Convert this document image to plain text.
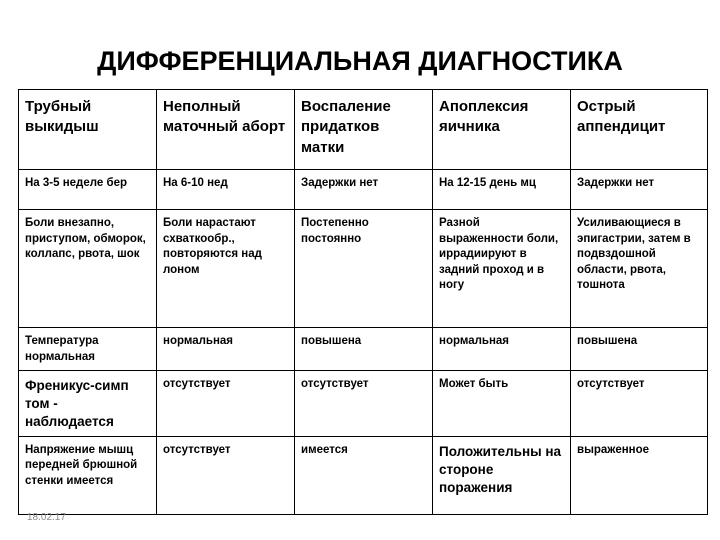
ДИФФЕРЕНЦИАЛЬНАЯ ДИАГНОСТИКА
Трубный выкидыш	Неполный маточный аборт	Воспаление придатков матки	Апоплексия яичника	Острый аппендицит
На 3-5 неделе бер	На 6-10 нед	Задержки нет	На 12-15 день мц	Задержки нет
Боли внезапно, приступом, обморок, коллапс, рвота, шок	Боли нарастают схваткообр., повторяются над лоном	Постепенно постоянно	Разной выраженности боли, иррадиируют в задний проход и в ногу	Усиливающиеся в эпигастрии, затем в подвздошной области, рвота, тошнота
Температура нормальная	нормальная	повышена	нормальная	повышена
Френикус-симп том - наблюдается	отсутствует	отсутствует	Может быть	отсутствует
Напряжение мышц передней брюшной стенки имеется	отсутствует	имеется	Положительны на стороне поражения	выраженное
18.02.17
